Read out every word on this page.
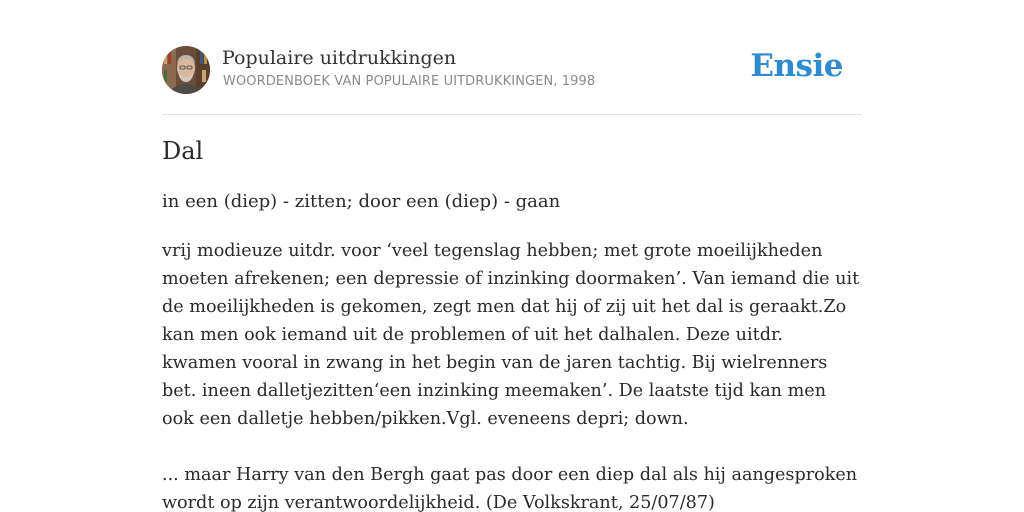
Populaire uitdrukkingen
WOORDENBOEK VAN POPULAIRE UITDRUKKINGEN, 1998	Ensie
Dal
in een (diep) - zitten; door een (diep) - gaan

vrij modieuze uitdr. voor ‘veel tegenslag hebben; met grote moeilijkheden moeten afrekenen; een depressie of inzinking doormaken’. Van iemand die uit de moeilijkheden is gekomen, zegt men dat hij of zij uit het dal is geraakt.Zo kan men ook iemand uit de problemen of uit het dalhalen. Deze uitdr. kwamen vooral in zwang in het begin van de jaren tachtig. Bij wielrenners bet. ineen dalletjezitten‘een inzinking meemaken’. De laatste tijd kan men ook een dalletje hebben/pikken.Vgl. eveneens depri; down.

... maar Harry van den Bergh gaat pas door een diep dal als hij aangesproken wordt op zijn verantwoordelijkheid. (De Volkskrant, 25/07/87)
